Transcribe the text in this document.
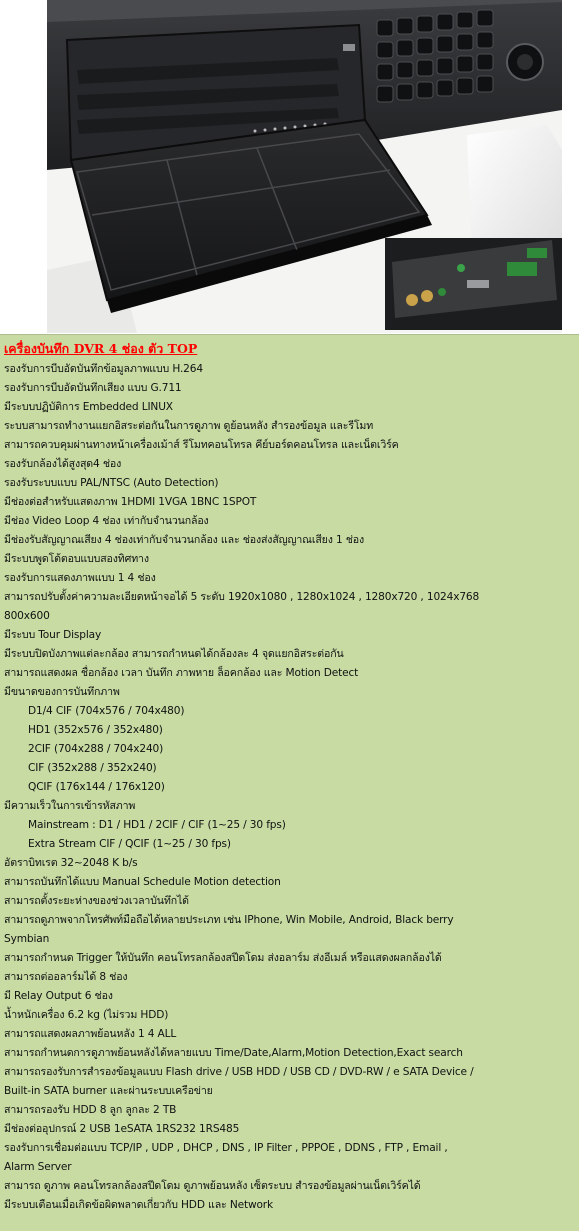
เครื่องบันทึก DVR 4 ช่อง ตัว TOP
รองรับการบีบอัดบันทึกข้อมูลภาพแบบ H.264
รองรับการบีบอัดบันทึกเสียง แบบ G.711
มีระบบปฏิบัติการ Embedded LINUX
ระบบสามารถทำงานแยกอิสระต่อกันในการดูภาพ ดูย้อนหลัง สำรองข้อมูล และรีโมท
สามารถควบคุมผ่านทางหน้าเครื่องเม้าส์ รีโมทคอนโทรล คีย์บอร์ดคอนโทรล และเน็ตเวิร์ค
รองรับกล้องได้สูงสุด4 ช่อง
รองรับระบบแบบ PAL/NTSC (Auto Detection)
มีช่องต่อสำหรับแสดงภาพ 1HDMI 1VGA 1BNC 1SPOT
มีช่อง Video Loop 4 ช่อง เท่ากับจำนวนกล้อง
มีช่องรับสัญญาณเสียง 4 ช่องเท่ากับจำนวนกล้อง และ ช่องส่งสัญญาณเสียง 1 ช่อง
มีระบบพูดโต้ตอบแบบสองทิศทาง
รองรับการแสดงภาพแบบ 1 4 ช่อง
สามารถปรับตั้งค่าความละเอียดหน้าจอได้ 5 ระดับ 1920x1080 , 1280x1024 , 1280x720 , 1024x768
800x600
มีระบบ Tour Display
มีระบบปิดบังภาพแต่ละกล้อง สามารถกำหนดได้กล้องละ 4 จุดแยกอิสระต่อกัน
สามารถแสดงผล ชื่อกล้อง เวลา บันทึก ภาพหาย ล็อคกล้อง และ Motion Detect
มีขนาดของการบันทึกภาพ
D1/4 CIF (704x576 / 704x480)
HD1 (352x576 / 352x480)
2CIF (704x288 / 704x240)
CIF (352x288 / 352x240)
QCIF (176x144 / 176x120)
มีความเร็วในการเข้ารหัสภาพ
Mainstream : D1 / HD1 / 2CIF / CIF (1~25 / 30 fps)
Extra Stream CIF / QCIF (1~25 / 30 fps)
อัตราบิทเรต 32~2048 K b/s
สามารถบันทึกได้แบบ Manual Schedule Motion detection
สามารถตั้งระยะห่างของช่วงเวลาบันทึกได้
สามารถดูภาพจากโทรศัพท์มือถือได้หลายประเภท เช่น IPhone, Win Mobile, Android, Black berry
Symbian
สามารถกำหนด Trigger ให้บันทึก คอนโทรลกล้องสปีดโดม ส่งอลาร์ม ส่งอีเมล์ หรือแสดงผลกล้องได้
สามารถต่ออลาร์มได้ 8 ช่อง
มี Relay Output 6 ช่อง
น้ำหนักเครื่อง 6.2 kg (ไม่รวม HDD)
สามารถแสดงผลภาพย้อนหลัง 1 4 ALL
สามารถกำหนดการดูภาพย้อนหลังได้หลายแบบ Time/Date,Alarm,Motion Detection,Exact search
สามารถรองรับการสำรองข้อมูลแบบ Flash drive / USB HDD / USB CD / DVD-RW / e SATA Device /
Built-in SATA burner และผ่านระบบเครือข่าย
สามารถรองรับ HDD 8 ลูก ลูกละ 2 TB
มีช่องต่ออุปกรณ์ 2 USB 1eSATA 1RS232 1RS485
รองรับการเชื่อมต่อแบบ TCP/IP , UDP , DHCP , DNS , IP Filter , PPPOE , DDNS , FTP , Email ,
Alarm Server
สามารถ ดูภาพ คอนโทรลกล้องสปีดโดม ดูภาพย้อนหลัง เซ็ตระบบ สำรองข้อมูลผ่านเน็ตเวิร์คได้
มีระบบเตือนเมื่อเกิดข้อผิดพลาดเกี่ยวกับ HDD และ Network
